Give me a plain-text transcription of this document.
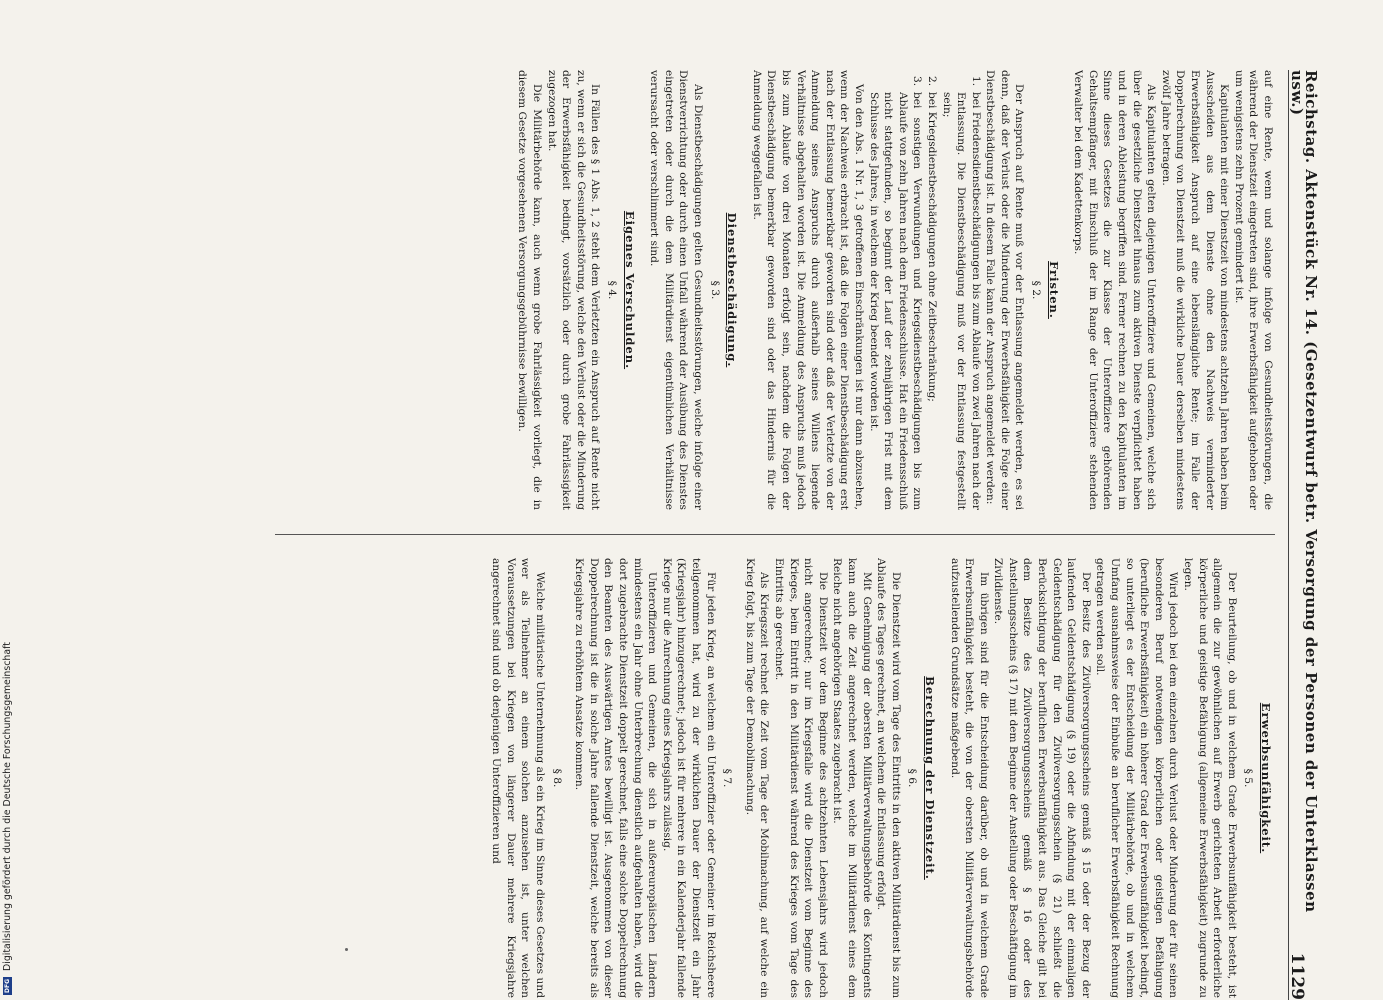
Reichstag. Aktenstück Nr. 14. (Gesetzentwurf betr. Versorgung der Personen der Unterklassen usw.)
1129

auf eine Rente, wenn und solange infolge von Gesundheitsstörungen, die während der Dienstzeit eingetreten sind, ihre Erwerbsfähigkeit aufgehoben oder um wenigstens zehn Prozent gemindert ist.

Kapitulanten mit einer Dienstzeit von mindestens achtzehn Jahren haben beim Ausscheiden aus dem Dienste ohne den Nachweis verminderter Erwerbsfähigkeit Anspruch auf eine lebenslängliche Rente; im Falle der Doppelrechnung von Dienstzeit muß die wirkliche Dauer derselben mindestens zwölf Jahre betragen.

Als Kapitulanten gelten diejenigen Unteroffiziere und Gemeinen, welche sich über die gesetzliche Dienstzeit hinaus zum aktiven Dienste verpflichtet haben und in deren Ableistung begriffen sind. Ferner rechnen zu den Kapitulanten im Sinne dieses Gesetzes die zur Klasse der Unteroffiziere gehörenden Gehaltsempfänger, mit Einschluß der im Range der Unteroffiziere stehenden Verwalter bei dem Kadettenkorps.

Fristen.
§ 2.

Der Anspruch auf Rente muß vor der Entlassung angemeldet werden, es sei denn, daß der Verlust oder die Minderung der Erwerbsfähigkeit die Folge einer Dienstbeschädigung ist. In diesem Falle kann der Anspruch angemeldet werden:

1.
bei Friedensdienstbeschädigungen bis zum Ablaufe von zwei Jahren nach der Entlassung. Die Dienstbeschädigung muß vor der Entlassung festgestellt sein;

2.
bei Kriegsdienstbeschädigungen ohne Zeitbeschränkung;

3.
bei sonstigen Verwundungen und Kriegsdienstbeschädigungen bis zum Ablaufe von zehn Jahren nach dem Friedensschlusse. Hat ein Friedensschluß nicht stattgefunden, so beginnt der Lauf der zehnjährigen Frist mit dem Schlusse des Jahres, in welchem der Krieg beendet worden ist.

Von den Abs. 1 Nr. 1, 3 getroffenen Einschränkungen ist nur dann abzusehen, wenn der Nachweis erbracht ist, daß die Folgen einer Dienstbeschädigung erst nach der Entlassung bemerkbar geworden sind oder daß der Verletzte von der Anmeldung seines Anspruchs durch außerhalb seines Willens liegende Verhältnisse abgehalten worden ist. Die Anmeldung des Anspruchs muß jedoch bis zum Ablaufe von drei Monaten erfolgt sein, nachdem die Folgen der Dienstbeschädigung bemerkbar geworden sind oder das Hindernis für die Anmeldung weggefallen ist.

Dienstbeschädigung.
§ 3.

Als Dienstbeschädigungen gelten Gesundheitsstörungen, welche infolge einer Dienstverrichtung oder durch einen Unfall während der Ausübung des Dienstes eingetreten oder durch die dem Militärdienst eigentümlichen Verhältnisse verursacht oder verschlimmert sind.

Eigenes Verschulden.
§ 4.

In Fällen des § 1 Abs. 1, 2 steht dem Verletzten ein Anspruch auf Rente nicht zu, wenn er sich die Gesundheitsstörung, welche den Verlust oder die Minderung der Erwerbsfähigkeit bedingt, vorsätzlich oder durch grobe Fahrlässigkeit zugezogen hat.

Die Militärbehörde kann, auch wenn grobe Fahrlässigkeit vorliegt, die in diesem Gesetze vorgesehenen Versorgungsgebührnisse bewilligen.

Erwerbsunfähigkeit.
§ 5.

Der Beurteilung, ob und in welchem Grade Erwerbsunfähigkeit besteht, ist allgemein die zur gewöhnlichen auf Erwerb gerichteten Arbeit erforderliche körperliche und geistige Befähigung (allgemeine Erwerbsfähigkeit) zugrunde zu legen.

Wird jedoch bei dem einzelnen durch Verlust oder Minderung der für seinen besonderen Beruf notwendigen körperlichen oder geistigen Befähigung (berufliche Erwerbsfähigkeit) ein höherer Grad der Erwerbsunfähigkeit bedingt, so unterliegt es der Entscheidung der Militärbehörde, ob und in welchem Umfang ausnahmsweise der Einbuße an beruflicher Erwerbsfähigkeit Rechnung getragen werden soll.

Der Besitz des Zivilversorgungsscheins gemäß § 15 oder der Bezug der laufenden Geldentschädigung (§ 19) oder die Abfindung mit der einmaligen Geldentschädigung für den Zivilversorgungsschein (§ 21) schließt die Berücksichtigung der beruflichen Erwerbsunfähigkeit aus. Das Gleiche gilt bei dem Besitze des Zivilversorgungsscheins gemäß § 16 oder des Anstellungsscheins (§ 17) mit dem Beginne der Anstellung oder Beschäftigung im Zivildienste.

Im übrigen sind für die Entscheidung darüber, ob und in welchem Grade Erwerbsunfähigkeit besteht, die von der obersten Militärverwaltungsbehörde aufzustellenden Grundsätze maßgebend.

Berechnung der Dienstzeit.
§ 6.

Die Dienstzeit wird vom Tage des Eintritts in den aktiven Militärdienst bis zum Ablaufe des Tages gerechnet, an welchem die Entlassung erfolgt.

Mit Genehmigung der obersten Militärverwaltungsbehörde des Kontingents kann auch die Zeit angerechnet werden, welche im Militärdienst eines dem Reiche nicht angehörigen Staates zugebracht ist.

Die Dienstzeit vor dem Beginne des achtzehnten Lebensjahrs wird jedoch nicht angerechnet; nur im Kriegsfalle wird die Dienstzeit vom Beginne des Krieges, beim Eintritt in den Militärdienst während des Krieges vom Tage des Eintritts ab gerechnet.

Als Kriegszeit rechnet die Zeit vom Tage der Mobilmachung, auf welche ein Krieg folgt, bis zum Tage der Demobilmachung.

§ 7.

Für jeden Krieg, an welchem ein Unteroffizier oder Gemeiner im Reichsheere teilgenommen hat, wird zu der wirklichen Dauer der Dienstzeit ein Jahr (Kriegsjahr) hinzugerechnet; jedoch ist für mehrere in ein Kalenderjahr fallende Kriege nur die Anrechnung eines Kriegsjahrs zulässig.

Unteroffizieren und Gemeinen, die sich in außereuropäischen Ländern mindestens ein Jahr ohne Unterbrechung dienstlich aufgehalten haben, wird die dort zugebrachte Dienstzeit doppelt gerechnet, falls eine solche Doppelrechnung den Beamten des Auswärtigen Amtes bewilligt ist. Ausgenommen von dieser Doppelrechnung ist die in solche Jahre fallende Dienstzeit, welche bereits als Kriegsjahre zu erhöhtem Ansatze kommen.

§ 8.

Welche militärische Unternehmung als ein Krieg im Sinne dieses Gesetzes und wer als Teilnehmer an einem solchen anzusehen ist, unter welchen Voraussetzungen bei Kriegen von längerer Dauer mehrere Kriegsjahre angerechnet sind und ob denjenigen Unteroffizieren und

DFG
Digitalisierung gefördert durch die Deutsche Forschungsgemeinschaft
